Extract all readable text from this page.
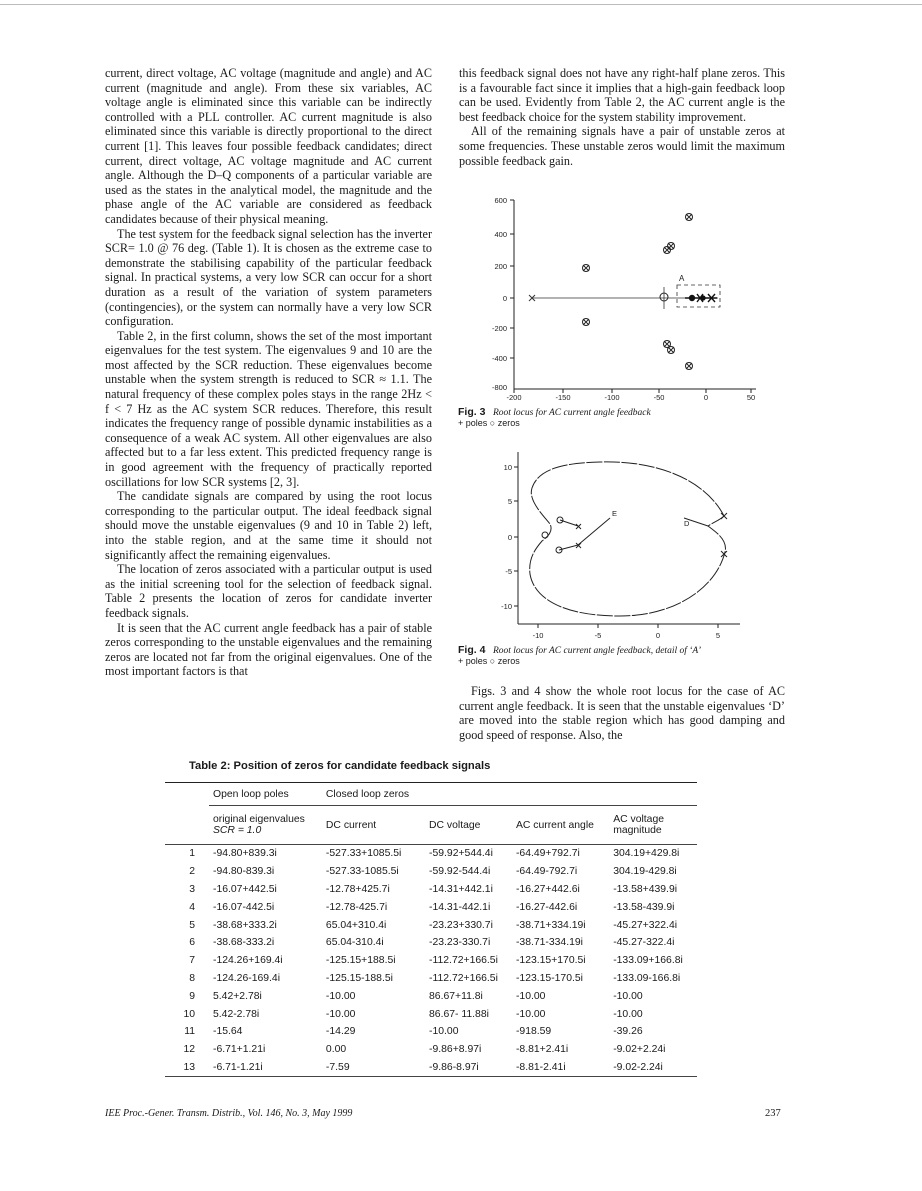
current, direct voltage, AC voltage (magnitude and angle) and AC current (magnitude and angle). From these six variables, AC voltage angle is eliminated since this variable can be indirectly controlled with a PLL controller. AC current magnitude is also eliminated since this variable is directly proportional to the direct current [1]. This leaves four possible feedback candidates; direct current, direct voltage, AC voltage magnitude and AC current angle. Although the D–Q components of a particular variable are used as the states in the analytical model, the magnitude and the phase angle of the AC variable are considered as feedback candidates because of their physical meaning.

The test system for the feedback signal selection has the inverter SCR= 1.0 @ 76 deg. (Table 1). It is chosen as the extreme case to demonstrate the stabilising capability of the particular feedback signal. In practical systems, a very low SCR can occur for a short duration as a result of the variation of system parameters (contingencies), or the system can normally have a very low SCR configuration.

Table 2, in the first column, shows the set of the most important eigenvalues for the test system. The eigenvalues 9 and 10 are the most affected by the SCR reduction. These eigenvalues become unstable when the system strength is reduced to SCR ≈ 1.1. The natural frequency of these complex poles stays in the range 2Hz < f < 7 Hz as the AC system SCR reduces. Therefore, this result indicates the frequency range of possible dynamic instabilities as a consequence of a weak AC system. All other eigenvalues are also affected but to a far less extent. This predicted frequency range is in good agreement with the frequency of practically reported oscillations for low SCR systems [2, 3].

The candidate signals are compared by using the root locus corresponding to the particular output. The ideal feedback signal should move the unstable eigenvalues (9 and 10 in Table 2) left, into the stable region, and at the same time it should not significantly affect the remaining eigenvalues.

The location of zeros associated with a particular output is used as the initial screening tool for the selection of feedback signal. Table 2 presents the location of zeros for candidate inverter feedback signals.

It is seen that the AC current angle feedback has a pair of stable zeros corresponding to the unstable eigenvalues and the remaining zeros are located not far from the original eigenvalues. One of the most important factors is that

this feedback signal does not have any right-half plane zeros. This is a favourable fact since it implies that a high-gain feedback loop can be used. Evidently from Table 2, the AC current angle is the best feedback choice for the system stability improvement.

All of the remaining signals have a pair of unstable zeros at some frequencies. These unstable zeros would limit the maximum possible feedback gain.

600
400
200
0
-200
-400
-800
-200	-150	-100	-50	0	50
A
Fig. 3 Root locus for AC current angle feedback
+ poles ○ zeros
10
5
0
-5
-10
-10	-5	0	5
E
D
Fig. 4 Root locus for AC current angle feedback, detail of ‘A’
+ poles ○ zeros

Figs. 3 and 4 show the whole root locus for the case of AC current angle feedback. It is seen that the unstable eigenvalues ‘D’ are moved into the stable region which has good damping and good speed of response. Also, the

Table 2: Position of zeros for candidate feedback signals
	Open loop poles	Closed loop zeros			
	original eigenvalues
SCR = 1.0	DC current	DC voltage	AC current angle	AC voltage
magnitude
1	-94.80+839.3i	-527.33+1085.5i	-59.92+544.4i	-64.49+792.7i	304.19+429.8i
2	-94.80-839.3i	-527.33-1085.5i	-59.92-544.4i	-64.49-792.7i	304.19-429.8i
3	-16.07+442.5i	-12.78+425.7i	-14.31+442.1i	-16.27+442.6i	-13.58+439.9i
4	-16.07-442.5i	-12.78-425.7i	-14.31-442.1i	-16.27-442.6i	-13.58-439.9i
5	-38.68+333.2i	65.04+310.4i	-23.23+330.7i	-38.71+334.19i	-45.27+322.4i
6	-38.68-333.2i	65.04-310.4i	-23.23-330.7i	-38.71-334.19i	-45.27-322.4i
7	-124.26+169.4i	-125.15+188.5i	-112.72+166.5i	-123.15+170.5i	-133.09+166.8i
8	-124.26-169.4i	-125.15-188.5i	-112.72+166.5i	-123.15-170.5i	-133.09-166.8i
9	5.42+2.78i	-10.00	86.67+11.8i	-10.00	-10.00
10	5.42-2.78i	-10.00	86.67- 11.88i	-10.00	-10.00
11	-15.64	-14.29	-10.00	-918.59	-39.26
12	-6.71+1.21i	0.00	-9.86+8.97i	-8.81+2.41i	-9.02+2.24i
13	-6.71-1.21i	-7.59	-9.86-8.97i	-8.81-2.41i	-9.02-2.24i
IEE Proc.-Gener. Transm. Distrib., Vol. 146, No. 3, May 1999	237
